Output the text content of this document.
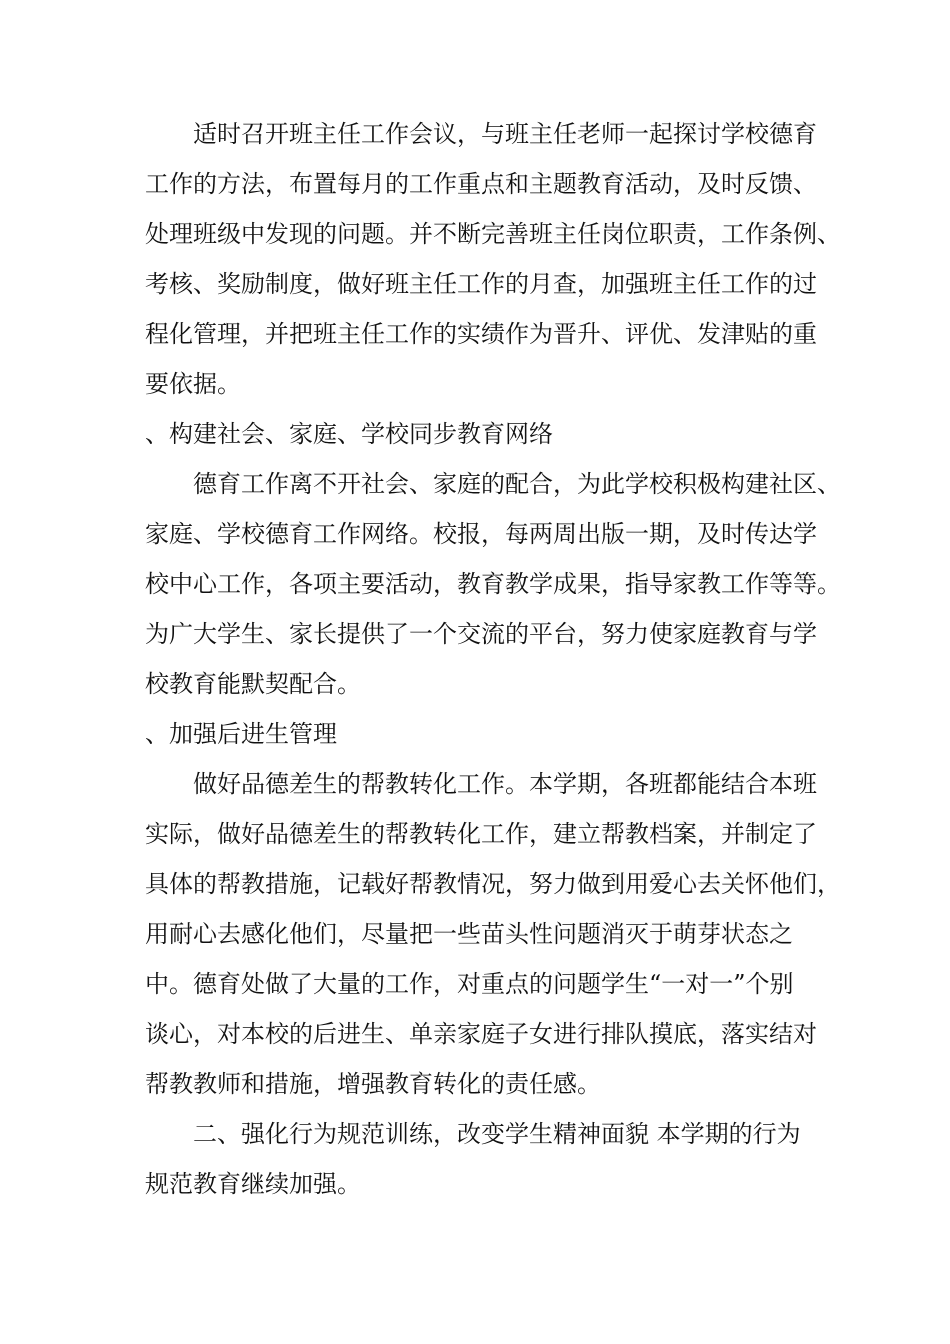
适时召开班主任工作会议，与班主任老师一起探讨学校德育
工作的方法，布置每月的工作重点和主题教育活动，及时反馈、
处理班级中发现的问题。并不断完善班主任岗位职责，工作条例、
考核、奖励制度，做好班主任工作的月查，加强班主任工作的过
程化管理，并把班主任工作的实绩作为晋升、评优、发津贴的重
要依据。
、构建社会、家庭、学校同步教育网络
德育工作离不开社会、家庭的配合，为此学校积极构建社区、
家庭、学校德育工作网络。校报，每两周出版一期，及时传达学
校中心工作，各项主要活动，教育教学成果，指导家教工作等等。
为广大学生、家长提供了一个交流的平台，努力使家庭教育与学
校教育能默契配合。
、加强后进生管理
做好品德差生的帮教转化工作。本学期，各班都能结合本班
实际，做好品德差生的帮教转化工作，建立帮教档案，并制定了
具体的帮教措施，记载好帮教情况，努力做到用爱心去关怀他们，
用耐心去感化他们，尽量把一些苗头性问题消灭于萌芽状态之
中。德育处做了大量的工作，对重点的问题学生“一对一”个别
谈心，对本校的后进生、单亲家庭子女进行排队摸底，落实结对
帮教教师和措施，增强教育转化的责任感。
二、强化行为规范训练，改变学生精神面貌 本学期的行为
规范教育继续加强。
